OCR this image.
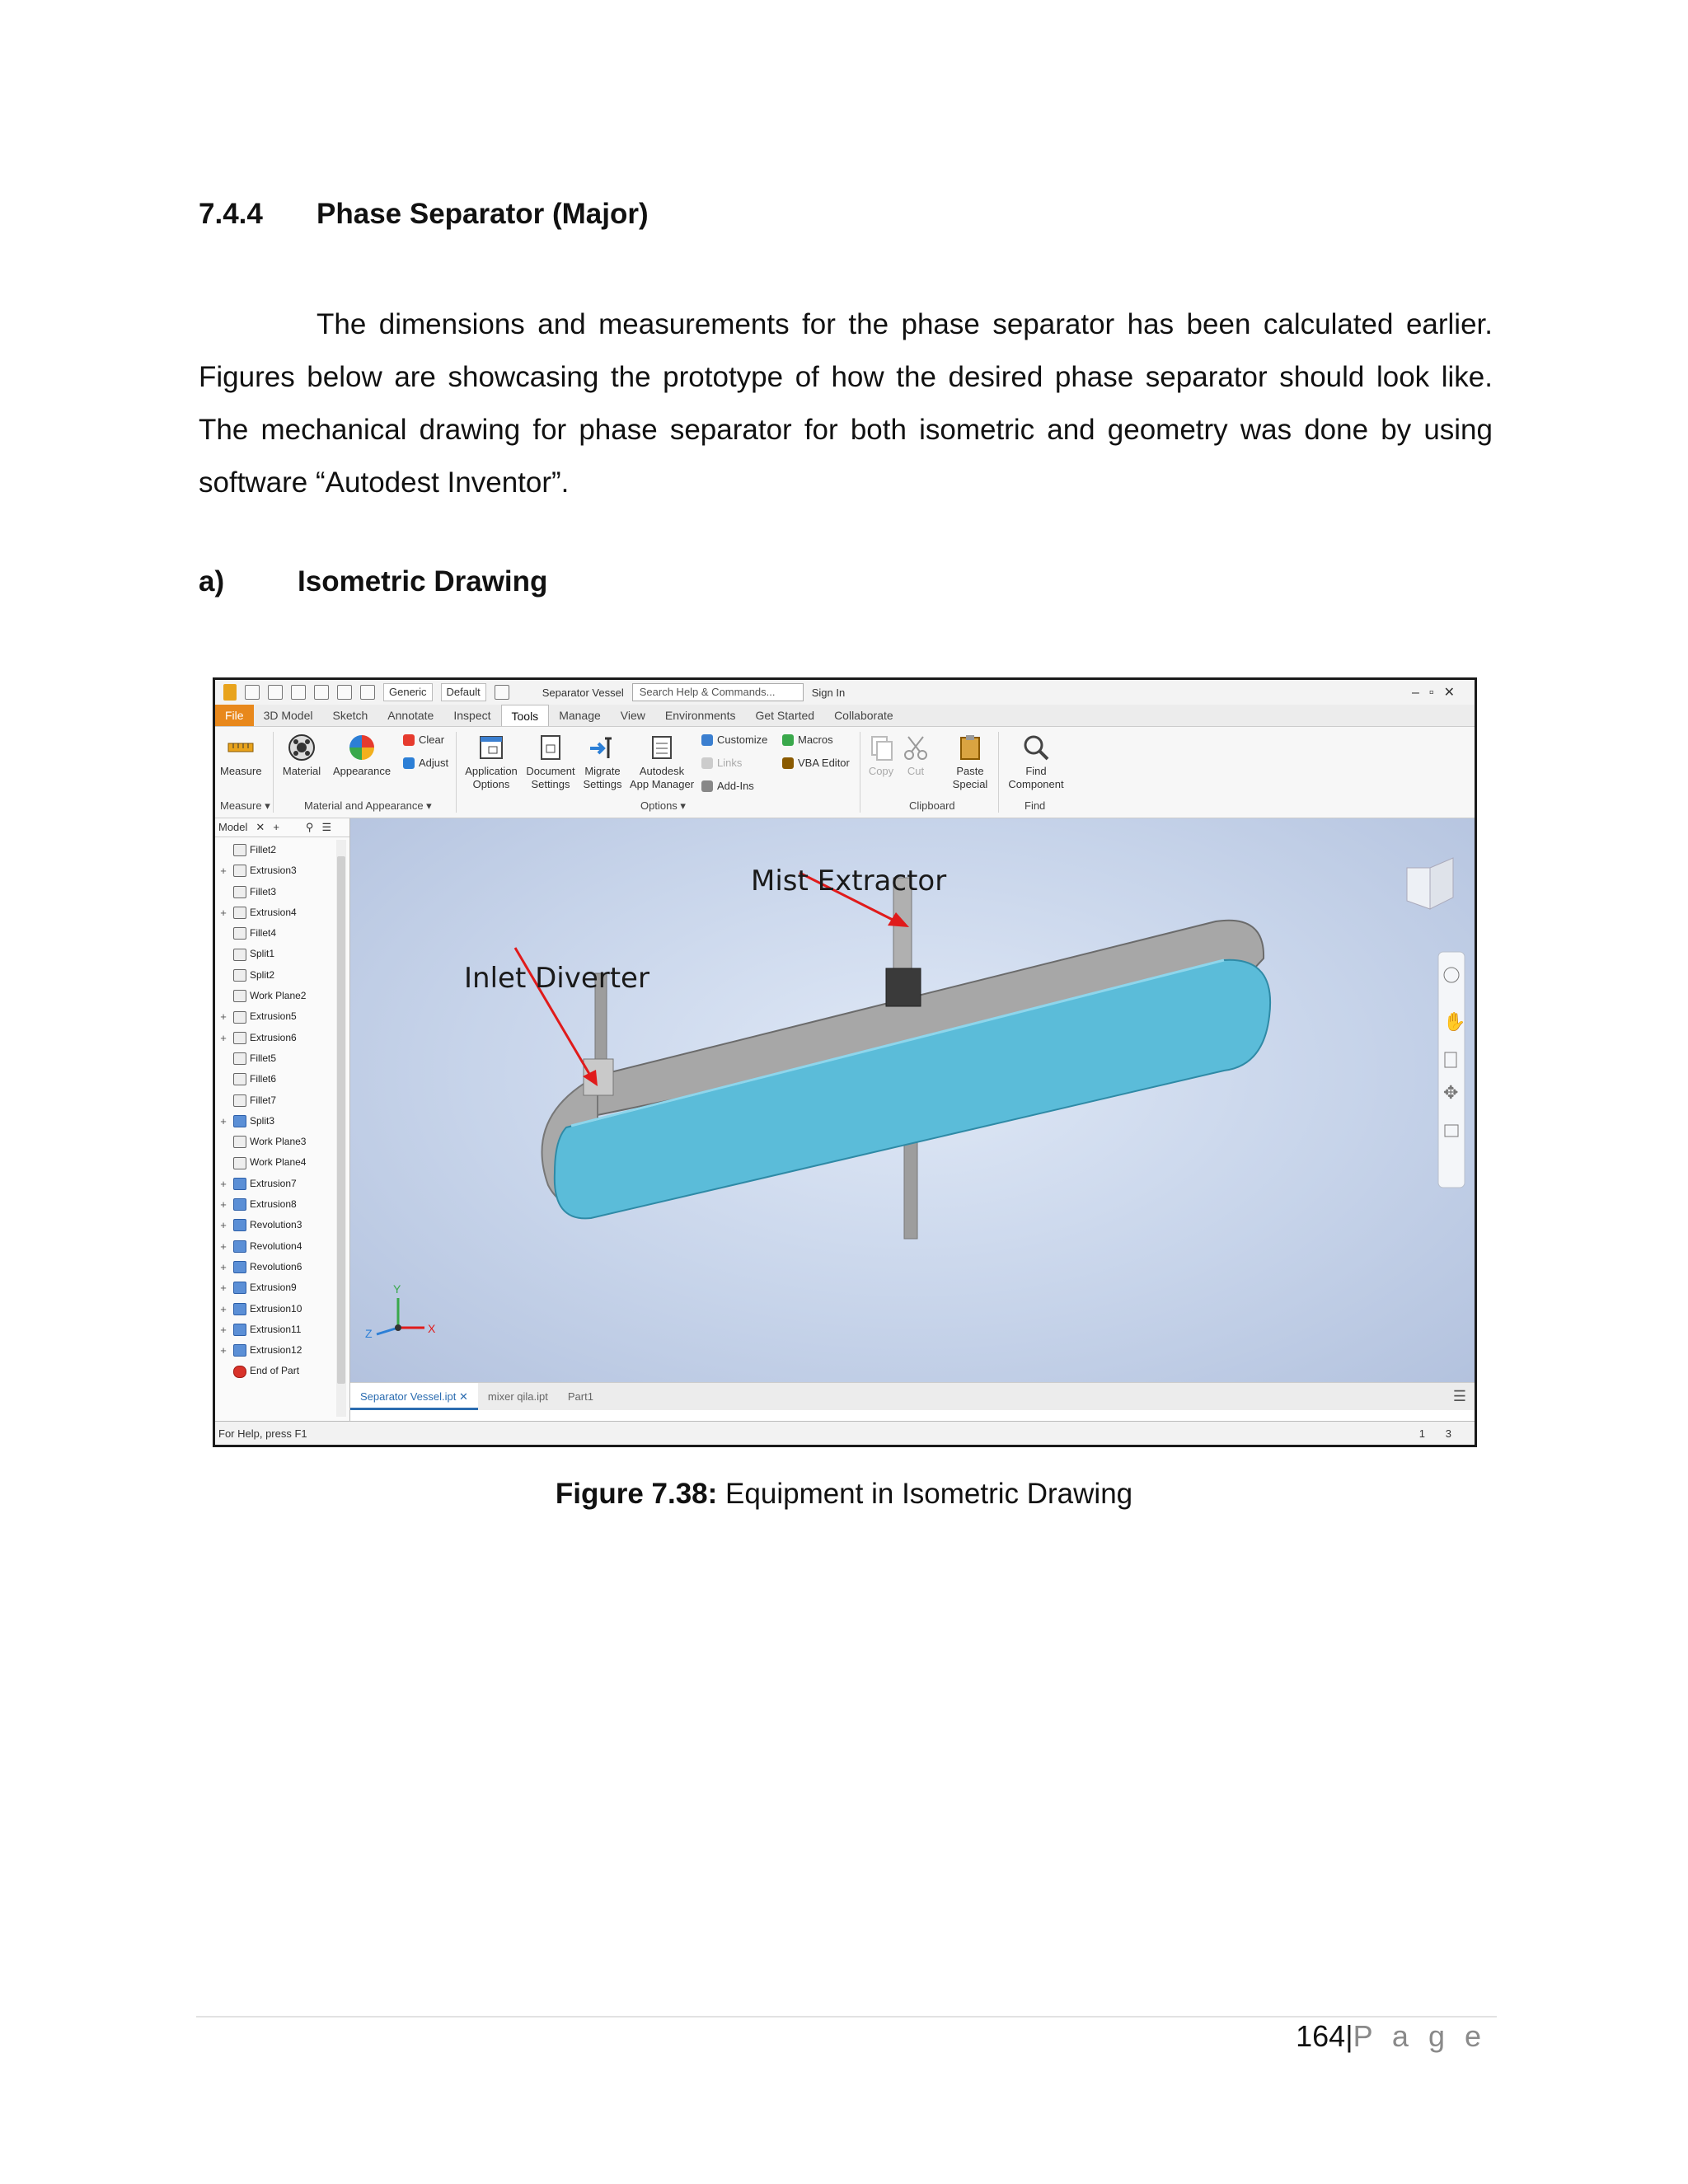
7.4.4 Phase Separator (Major)
The dimensions and measurements for the phase separator has been calculated earlier. Figures below are showcasing the prototype of how the desired phase separator should look like. The mechanical drawing for phase separator for both isometric and geometry was done by using software “Autodest Inventor”.
a)	Isometric Drawing
Generic	Default	Separator Vessel	Search Help & Commands...	Sign In	–▫✕
File	3D Model	Sketch	Annotate	Inspect	Tools	Manage	View	Environments	Get Started	Collaborate
Measure Material Appearance
Clear
Adjust
Application
Options
Document
Settings
Migrate
Settings
Autodesk
App Manager
Customize
Links
Add-Ins
Macros
VBA Editor
Copy	Cut	Paste
Special
Find
Component
Measure ▾	Material and Appearance ▾	Options ▾	Clipboard	Find
Model ✕ + ⚲ ☰
Fillet2
+ Extrusion3
Fillet3
+ Extrusion4
Fillet4
Split1
Split2
Work Plane2
+ Extrusion5
+ Extrusion6
Fillet5
Fillet6
Fillet7
+ Split3
Work Plane3
Work Plane4
+ Extrusion7
+ Extrusion8
+ Revolution3
+ Revolution4
+ Revolution6
+ Extrusion9
+ Extrusion10
+ Extrusion11
+ Extrusion12
End of Part
✋
✥
Y
X
Z
Mist Extractor
Inlet Diverter
Separator Vessel.ipt ✕	mixer qila.ipt	Part1	☰
For Help, press F1	1 3
Figure 7.38: Equipment in Isometric Drawing
164|P a g e
